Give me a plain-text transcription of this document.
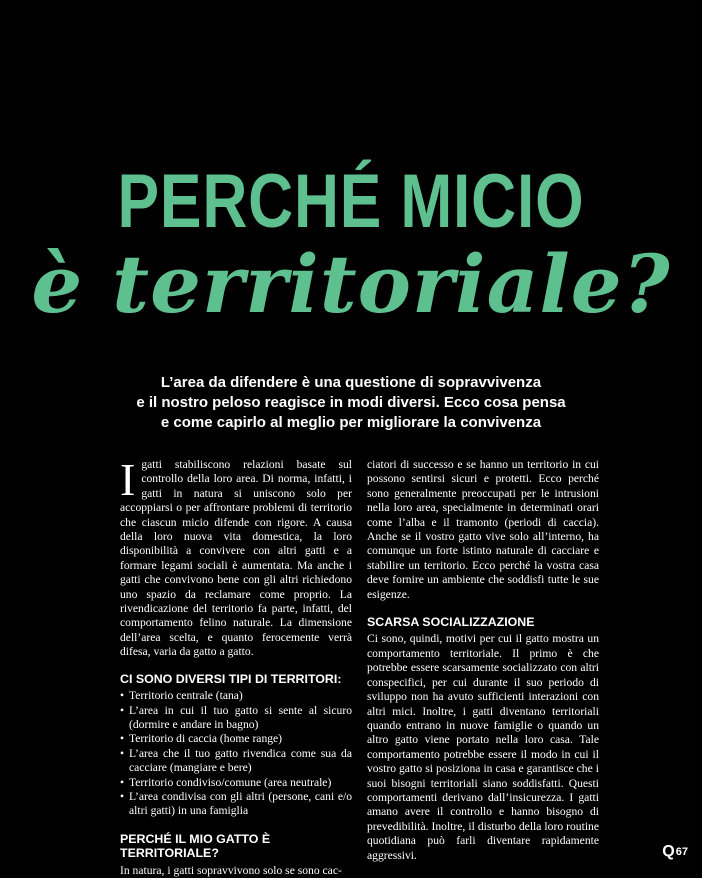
PERCHÉ MICIO
è territoriale?
L’area da difendere è una questione di sopravvivenza
e il nostro peloso reagisce in modi diversi. Ecco cosa pensa
e come capirlo al meglio per migliorare la convivenza

Igatti stabiliscono relazioni basate sul controllo della loro area. Di norma, infatti, i gatti in natura si uniscono solo per accoppiarsi o per affrontare problemi di territorio che ciascun micio difende con rigore. A causa della loro nuova vita domestica, la loro disponibilità a convivere con altri gatti e a formare legami sociali è aumentata. Ma anche i gatti che convivono bene con gli altri richiedono uno spazio da reclamare come proprio. La rivendicazione del territorio fa parte, infatti, del comportamento felino naturale. La dimensione dell’area scelta, e quanto ferocemente verrà difesa, varia da gatto a gatto.

CI SONO DIVERSI TIPI DI TERRITORI:
• Territorio centrale (tana)
• L’area in cui il tuo gatto si sente al sicuro (dormire e andare in bagno)
• Territorio di caccia (home range)
• L’area che il tuo gatto rivendica come sua da cacciare (mangiare e bere)
• Territorio condiviso/comune (area neutrale)
• L’area condivisa con gli altri (persone, cani e/o altri gatti) in una famiglia
PERCHÉ IL MIO GATTO È TERRITORIALE?

In natura, i gatti sopravvivono solo se sono cac-

ciatori di successo e se hanno un territorio in cui possono sentirsi sicuri e protetti. Ecco perché sono generalmente preoccupati per le intrusioni nella loro area, specialmente in determinati orari come l’alba e il tramonto (periodi di caccia). Anche se il vostro gatto vive solo all’interno, ha comunque un forte istinto naturale di cacciare e stabilire un territorio. Ecco perché la vostra casa deve fornire un ambiente che soddisfi tutte le sue esigenze.

SCARSA SOCIALIZZAZIONE

Ci sono, quindi, motivi per cui il gatto mostra un comportamento territoriale. Il primo è che potrebbe essere scarsamente socializzato con altri conspecifici, per cui durante il suo periodo di sviluppo non ha avuto sufficienti interazioni con altri mici. Inoltre, i gatti diventano territoriali quando entrano in nuove famiglie o quando un altro gatto viene portato nella loro casa. Tale comportamento potrebbe essere il modo in cui il vostro gatto si posiziona in casa e garantisce che i suoi bisogni territoriali siano soddisfatti. Questi comportamenti derivano dall’insicurezza. I gatti amano avere il controllo e hanno bisogno di prevedibilità. Inoltre, il disturbo della loro routine quotidiana può farli diventare rapidamente aggressivi.	Q 67
